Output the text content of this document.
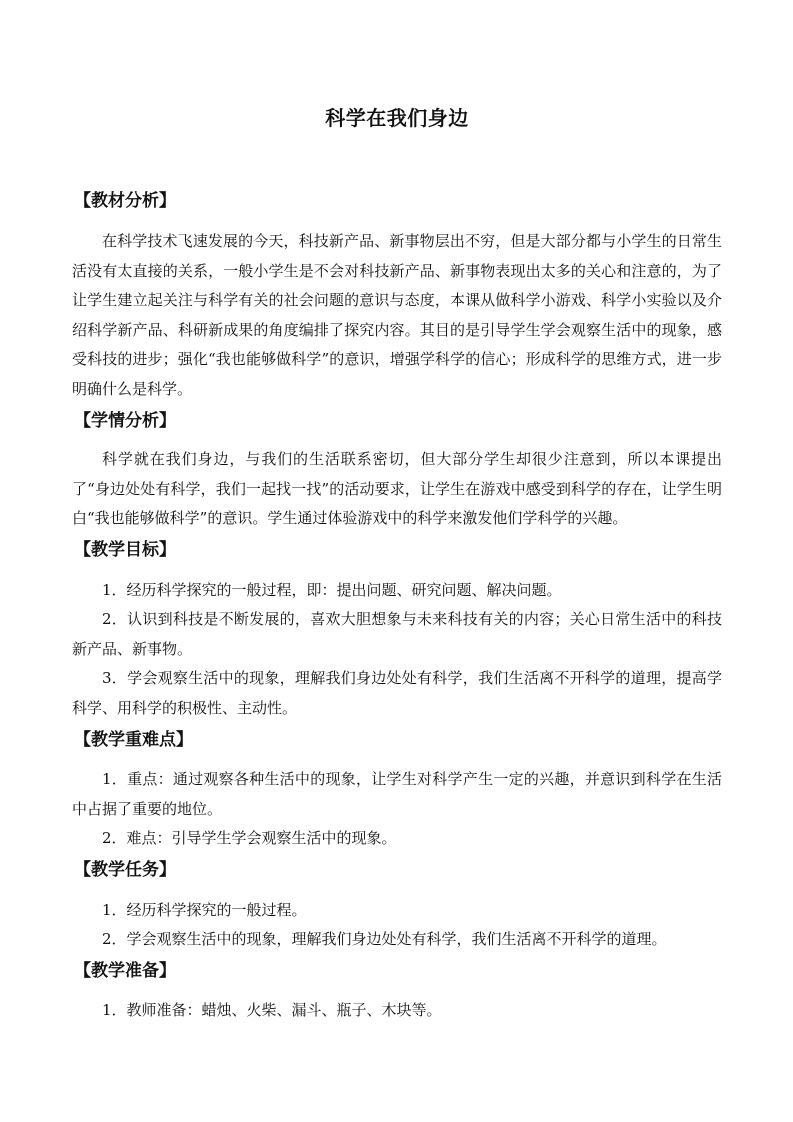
科学在我们身边
【教材分析】

在科学技术飞速发展的今天，科技新产品、新事物层出不穷，但是大部分都与小学生的日常生活没有太直接的关系，一般小学生是不会对科技新产品、新事物表现出太多的关心和注意的，为了让学生建立起关注与科学有关的社会问题的意识与态度，本课从做科学小游戏、科学小实验以及介绍科学新产品、科研新成果的角度编排了探究内容。其目的是引导学生学会观察生活中的现象，感受科技的进步；强化“我也能够做科学”的意识，增强学科学的信心；形成科学的思维方式，进一步明确什么是科学。

【学情分析】

科学就在我们身边，与我们的生活联系密切，但大部分学生却很少注意到，所以本课提出了“身边处处有科学，我们一起找一找”的活动要求，让学生在游戏中感受到科学的存在，让学生明白“我也能够做科学”的意识。学生通过体验游戏中的科学来激发他们学科学的兴趣。

【教学目标】

1．经历科学探究的一般过程，即：提出问题、研究问题、解决问题。

2．认识到科技是不断发展的，喜欢大胆想象与未来科技有关的内容；关心日常生活中的科技新产品、新事物。

3．学会观察生活中的现象，理解我们身边处处有科学，我们生活离不开科学的道理，提高学科学、用科学的积极性、主动性。

【教学重难点】

1．重点：通过观察各种生活中的现象，让学生对科学产生一定的兴趣，并意识到科学在生活中占据了重要的地位。

2．难点：引导学生学会观察生活中的现象。

【教学任务】

1．经历科学探究的一般过程。

2．学会观察生活中的现象，理解我们身边处处有科学，我们生活离不开科学的道理。

【教学准备】

1．教师准备：蜡烛、火柴、漏斗、瓶子、木块等。
